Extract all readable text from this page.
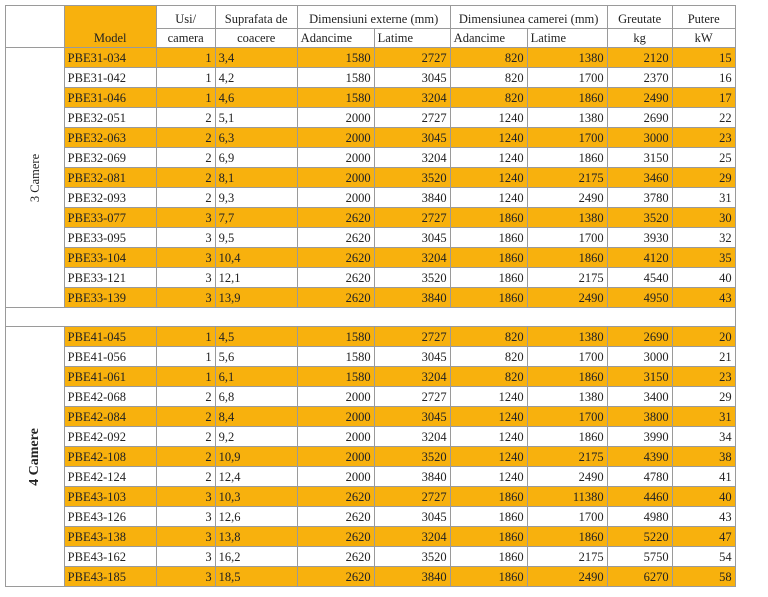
	Model	Usi/	Suprafata de	Dimensiuni externe (mm)		Dimensiunea camerei (mm)		Greutate	Putere
		camera	coacere	Adancime	Latime	Adancime	Latime	kg	kW
3 Camere	PBE31-034	1	3,4	1580	2727	820	1380	2120	15
	PBE31-042	1	4,2	1580	3045	820	1700	2370	16
	PBE31-046	1	4,6	1580	3204	820	1860	2490	17
	PBE32-051	2	5,1	2000	2727	1240	1380	2690	22
	PBE32-063	2	6,3	2000	3045	1240	1700	3000	23
	PBE32-069	2	6,9	2000	3204	1240	1860	3150	25
	PBE32-081	2	8,1	2000	3520	1240	2175	3460	29
	PBE32-093	2	9,3	2000	3840	1240	2490	3780	31
	PBE33-077	3	7,7	2620	2727	1860	1380	3520	30
	PBE33-095	3	9,5	2620	3045	1860	1700	3930	32
	PBE33-104	3	10,4	2620	3204	1860	1860	4120	35
	PBE33-121	3	12,1	2620	3520	1860	2175	4540	40
	PBE33-139	3	13,9	2620	3840	1860	2490	4950	43

4 Camere	PBE41-045	1	4,5	1580	2727	820	1380	2690	20
	PBE41-056	1	5,6	1580	3045	820	1700	3000	21
	PBE41-061	1	6,1	1580	3204	820	1860	3150	23
	PBE42-068	2	6,8	2000	2727	1240	1380	3400	29
	PBE42-084	2	8,4	2000	3045	1240	1700	3800	31
	PBE42-092	2	9,2	2000	3204	1240	1860	3990	34
	PBE42-108	2	10,9	2000	3520	1240	2175	4390	38
	PBE42-124	2	12,4	2000	3840	1240	2490	4780	41
	PBE43-103	3	10,3	2620	2727	1860	11380	4460	40
	PBE43-126	3	12,6	2620	3045	1860	1700	4980	43
	PBE43-138	3	13,8	2620	3204	1860	1860	5220	47
	PBE43-162	3	16,2	2620	3520	1860	2175	5750	54
	PBE43-185	3	18,5	2620	3840	1860	2490	6270	58
